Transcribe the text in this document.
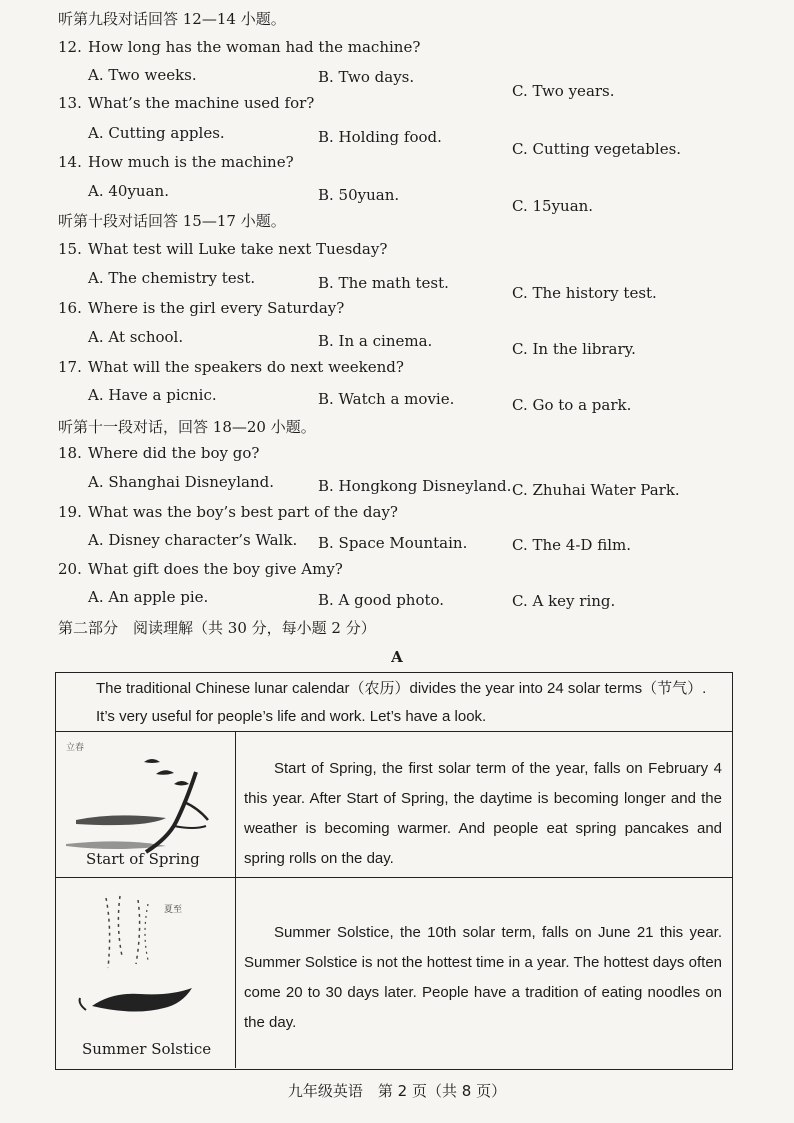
听第九段对话回答 12—14 小题。
12. How long has the woman had the machine?
A. Two weeks.	B. Two days.
C. Two years.
13. What’s the machine used for?
A. Cutting apples.	B. Holding food.
C. Cutting vegetables.
14. How much is the machine?
A. 40yuan.	B. 50yuan.
C. 15yuan.
听第十段对话回答 15—17 小题。
15. What test will Luke take next Tuesday?
A. The chemistry test.	B. The math test.
C. The history test.
16. Where is the girl every Saturday?
A. At school.	B. In a cinema.	C. In the library.
17. What will the speakers do next weekend?
A. Have a picnic.	B. Watch a movie.	C. Go to a park.
听第十一段对话，回答 18—20 小题。
18. Where did the boy go?
A. Shanghai Disneyland.	B. Hongkong Disneyland. C. Zhuhai Water Park.
19. What was the boy’s best part of the day?
A. Disney character’s Walk. B. Space Mountain.	C. The 4-D film.
20. What gift does the boy give Amy?
A. An apple pie.	B. A good photo.	C. A key ring.
第二部分　阅读理解（共 30 分，每小题 2 分）
A
The traditional Chinese lunar calendar（农历）divides the year into 24 solar terms（节气）. It’s very useful for people’s life and work. Let’s have a look.
立春
Start of Spring

Start of Spring, the first solar term of the year, falls on February 4 this year. After Start of Spring, the daytime is becoming longer and the weather is becoming warmer. And people eat spring pancakes and spring rolls on the day.

夏至
Summer Solstice

Summer Solstice, the 10th solar term, falls on June 21 this year. Summer Solstice is not the hottest time in a year. The hottest days often come 20 to 30 days later. People have a tradition of eating noodles on the day.

九年级英语　第 2 页（共 8 页）
